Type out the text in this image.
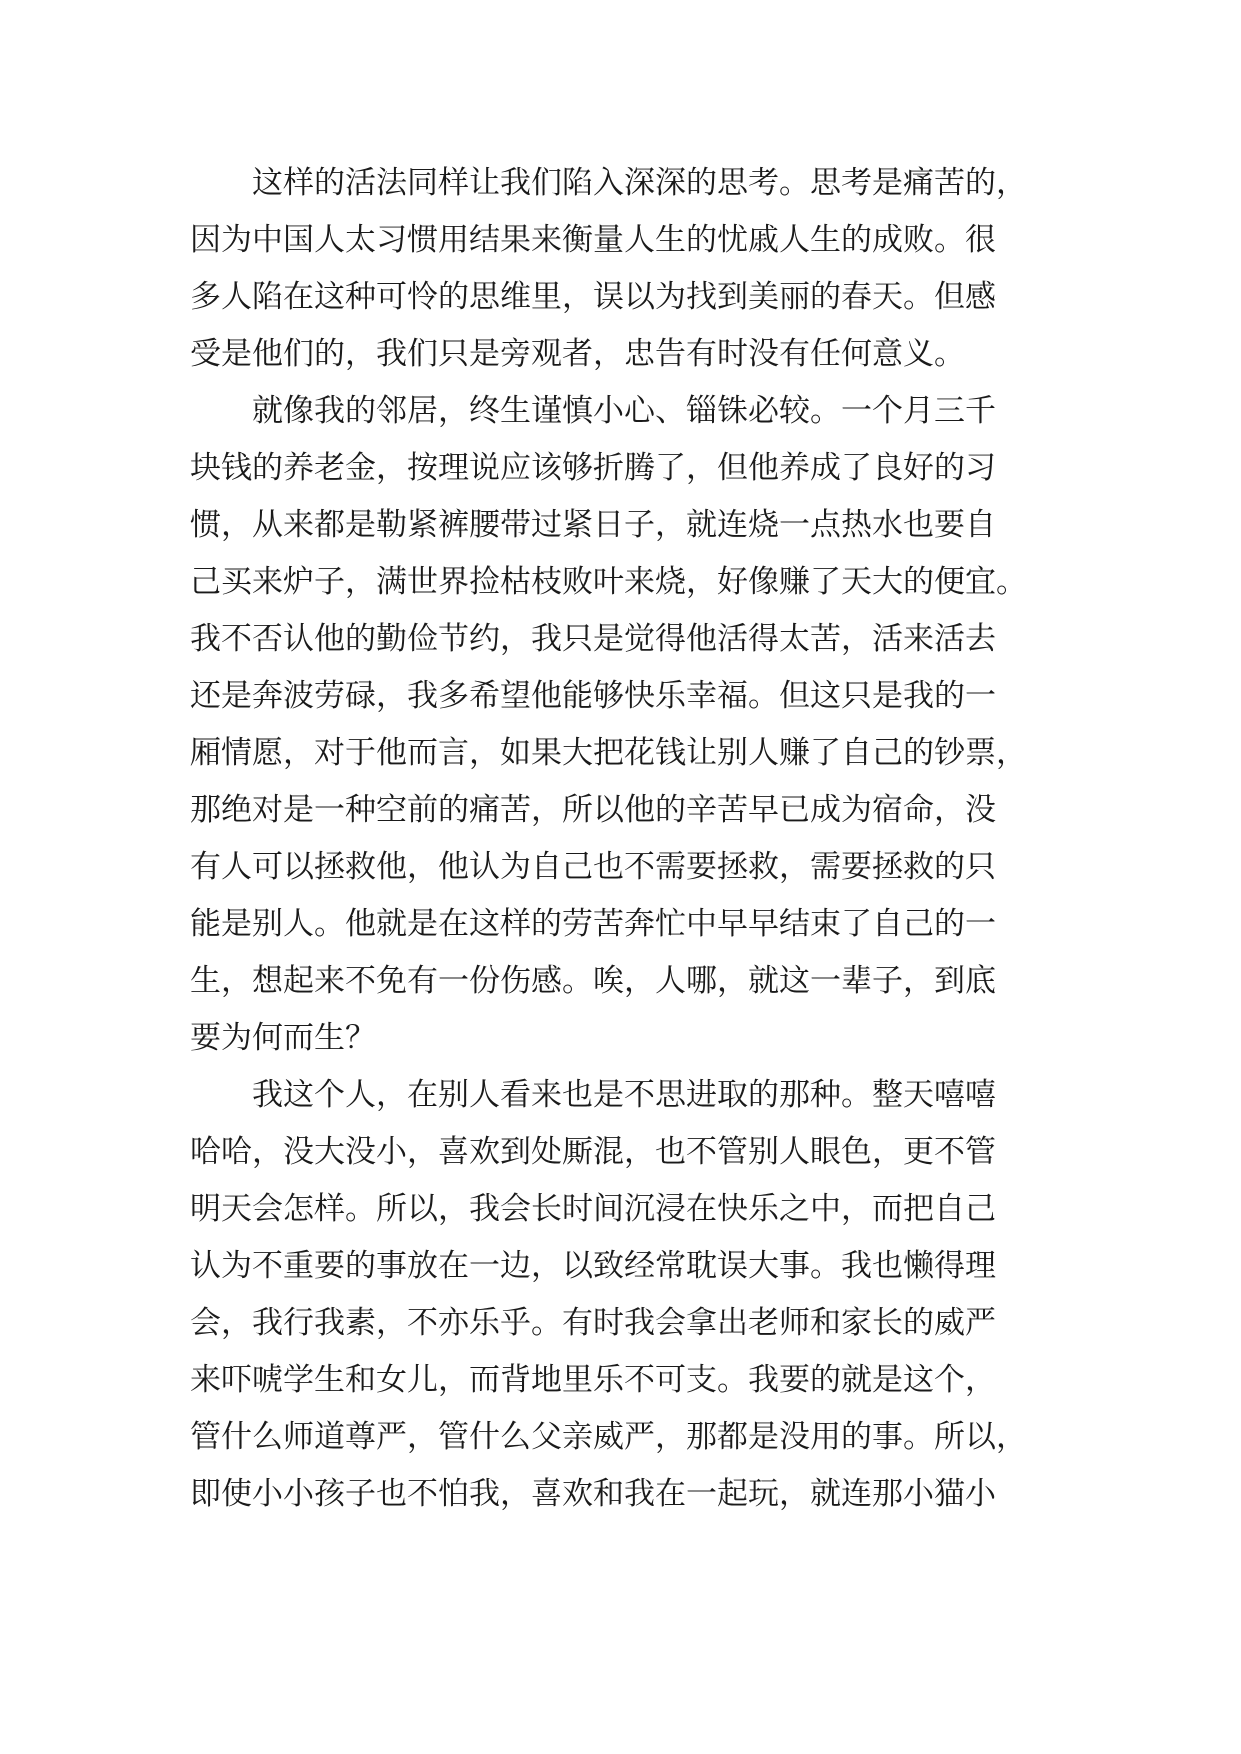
这样的活法同样让我们陷入深深的思考。思考是痛苦的，
因为中国人太习惯用结果来衡量人生的忧戚人生的成败。很
多人陷在这种可怜的思维里，误以为找到美丽的春天。但感
受是他们的，我们只是旁观者，忠告有时没有任何意义。
就像我的邻居，终生谨慎小心、锱铢必较。一个月三千
块钱的养老金，按理说应该够折腾了，但他养成了良好的习
惯，从来都是勒紧裤腰带过紧日子，就连烧一点热水也要自
己买来炉子，满世界捡枯枝败叶来烧，好像赚了天大的便宜。
我不否认他的勤俭节约，我只是觉得他活得太苦，活来活去
还是奔波劳碌，我多希望他能够快乐幸福。但这只是我的一
厢情愿，对于他而言，如果大把花钱让别人赚了自己的钞票，
那绝对是一种空前的痛苦，所以他的辛苦早已成为宿命，没
有人可以拯救他，他认为自己也不需要拯救，需要拯救的只
能是别人。他就是在这样的劳苦奔忙中早早结束了自己的一
生，想起来不免有一份伤感。唉，人哪，就这一辈子，到底
要为何而生？
我这个人，在别人看来也是不思进取的那种。整天嘻嘻
哈哈，没大没小，喜欢到处厮混，也不管别人眼色，更不管
明天会怎样。所以，我会长时间沉浸在快乐之中，而把自己
认为不重要的事放在一边，以致经常耽误大事。我也懒得理
会，我行我素，不亦乐乎。有时我会拿出老师和家长的威严
来吓唬学生和女儿，而背地里乐不可支。我要的就是这个，
管什么师道尊严，管什么父亲威严，那都是没用的事。所以，
即使小小孩子也不怕我，喜欢和我在一起玩，就连那小猫小
